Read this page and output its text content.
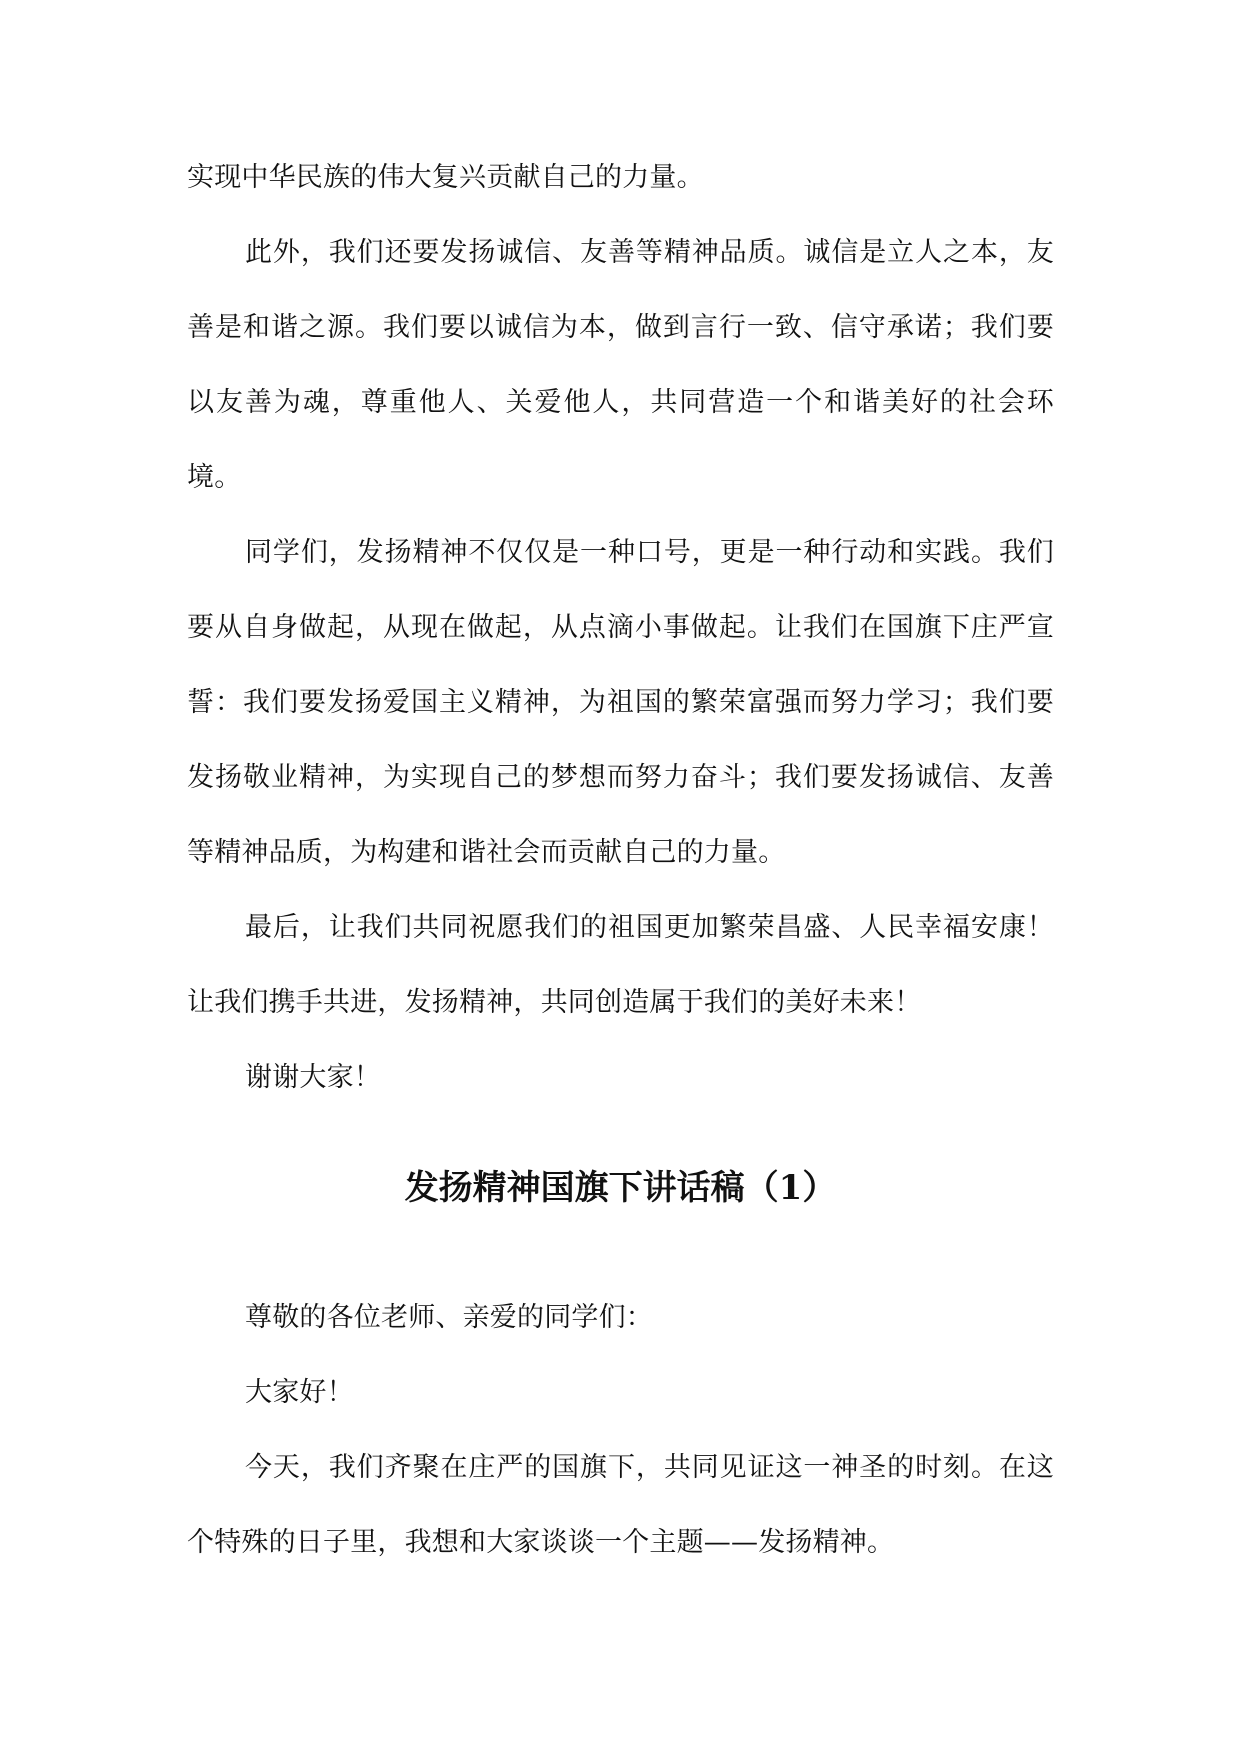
实现中华民族的伟大复兴贡献自己的力量。

此外，我们还要发扬诚信、友善等精神品质。诚信是立人之本，友善是和谐之源。我们要以诚信为本，做到言行一致、信守承诺；我们要以友善为魂，尊重他人、关爱他人，共同营造一个和谐美好的社会环境。

同学们，发扬精神不仅仅是一种口号，更是一种行动和实践。我们要从自身做起，从现在做起，从点滴小事做起。让我们在国旗下庄严宣誓：我们要发扬爱国主义精神，为祖国的繁荣富强而努力学习；我们要发扬敬业精神，为实现自己的梦想而努力奋斗；我们要发扬诚信、友善等精神品质，为构建和谐社会而贡献自己的力量。

最后，让我们共同祝愿我们的祖国更加繁荣昌盛、人民幸福安康！让我们携手共进，发扬精神，共同创造属于我们的美好未来！

谢谢大家！

发扬精神国旗下讲话稿（1）

尊敬的各位老师、亲爱的同学们：

大家好！

今天，我们齐聚在庄严的国旗下，共同见证这一神圣的时刻。在这个特殊的日子里，我想和大家谈谈一个主题——发扬精神。
